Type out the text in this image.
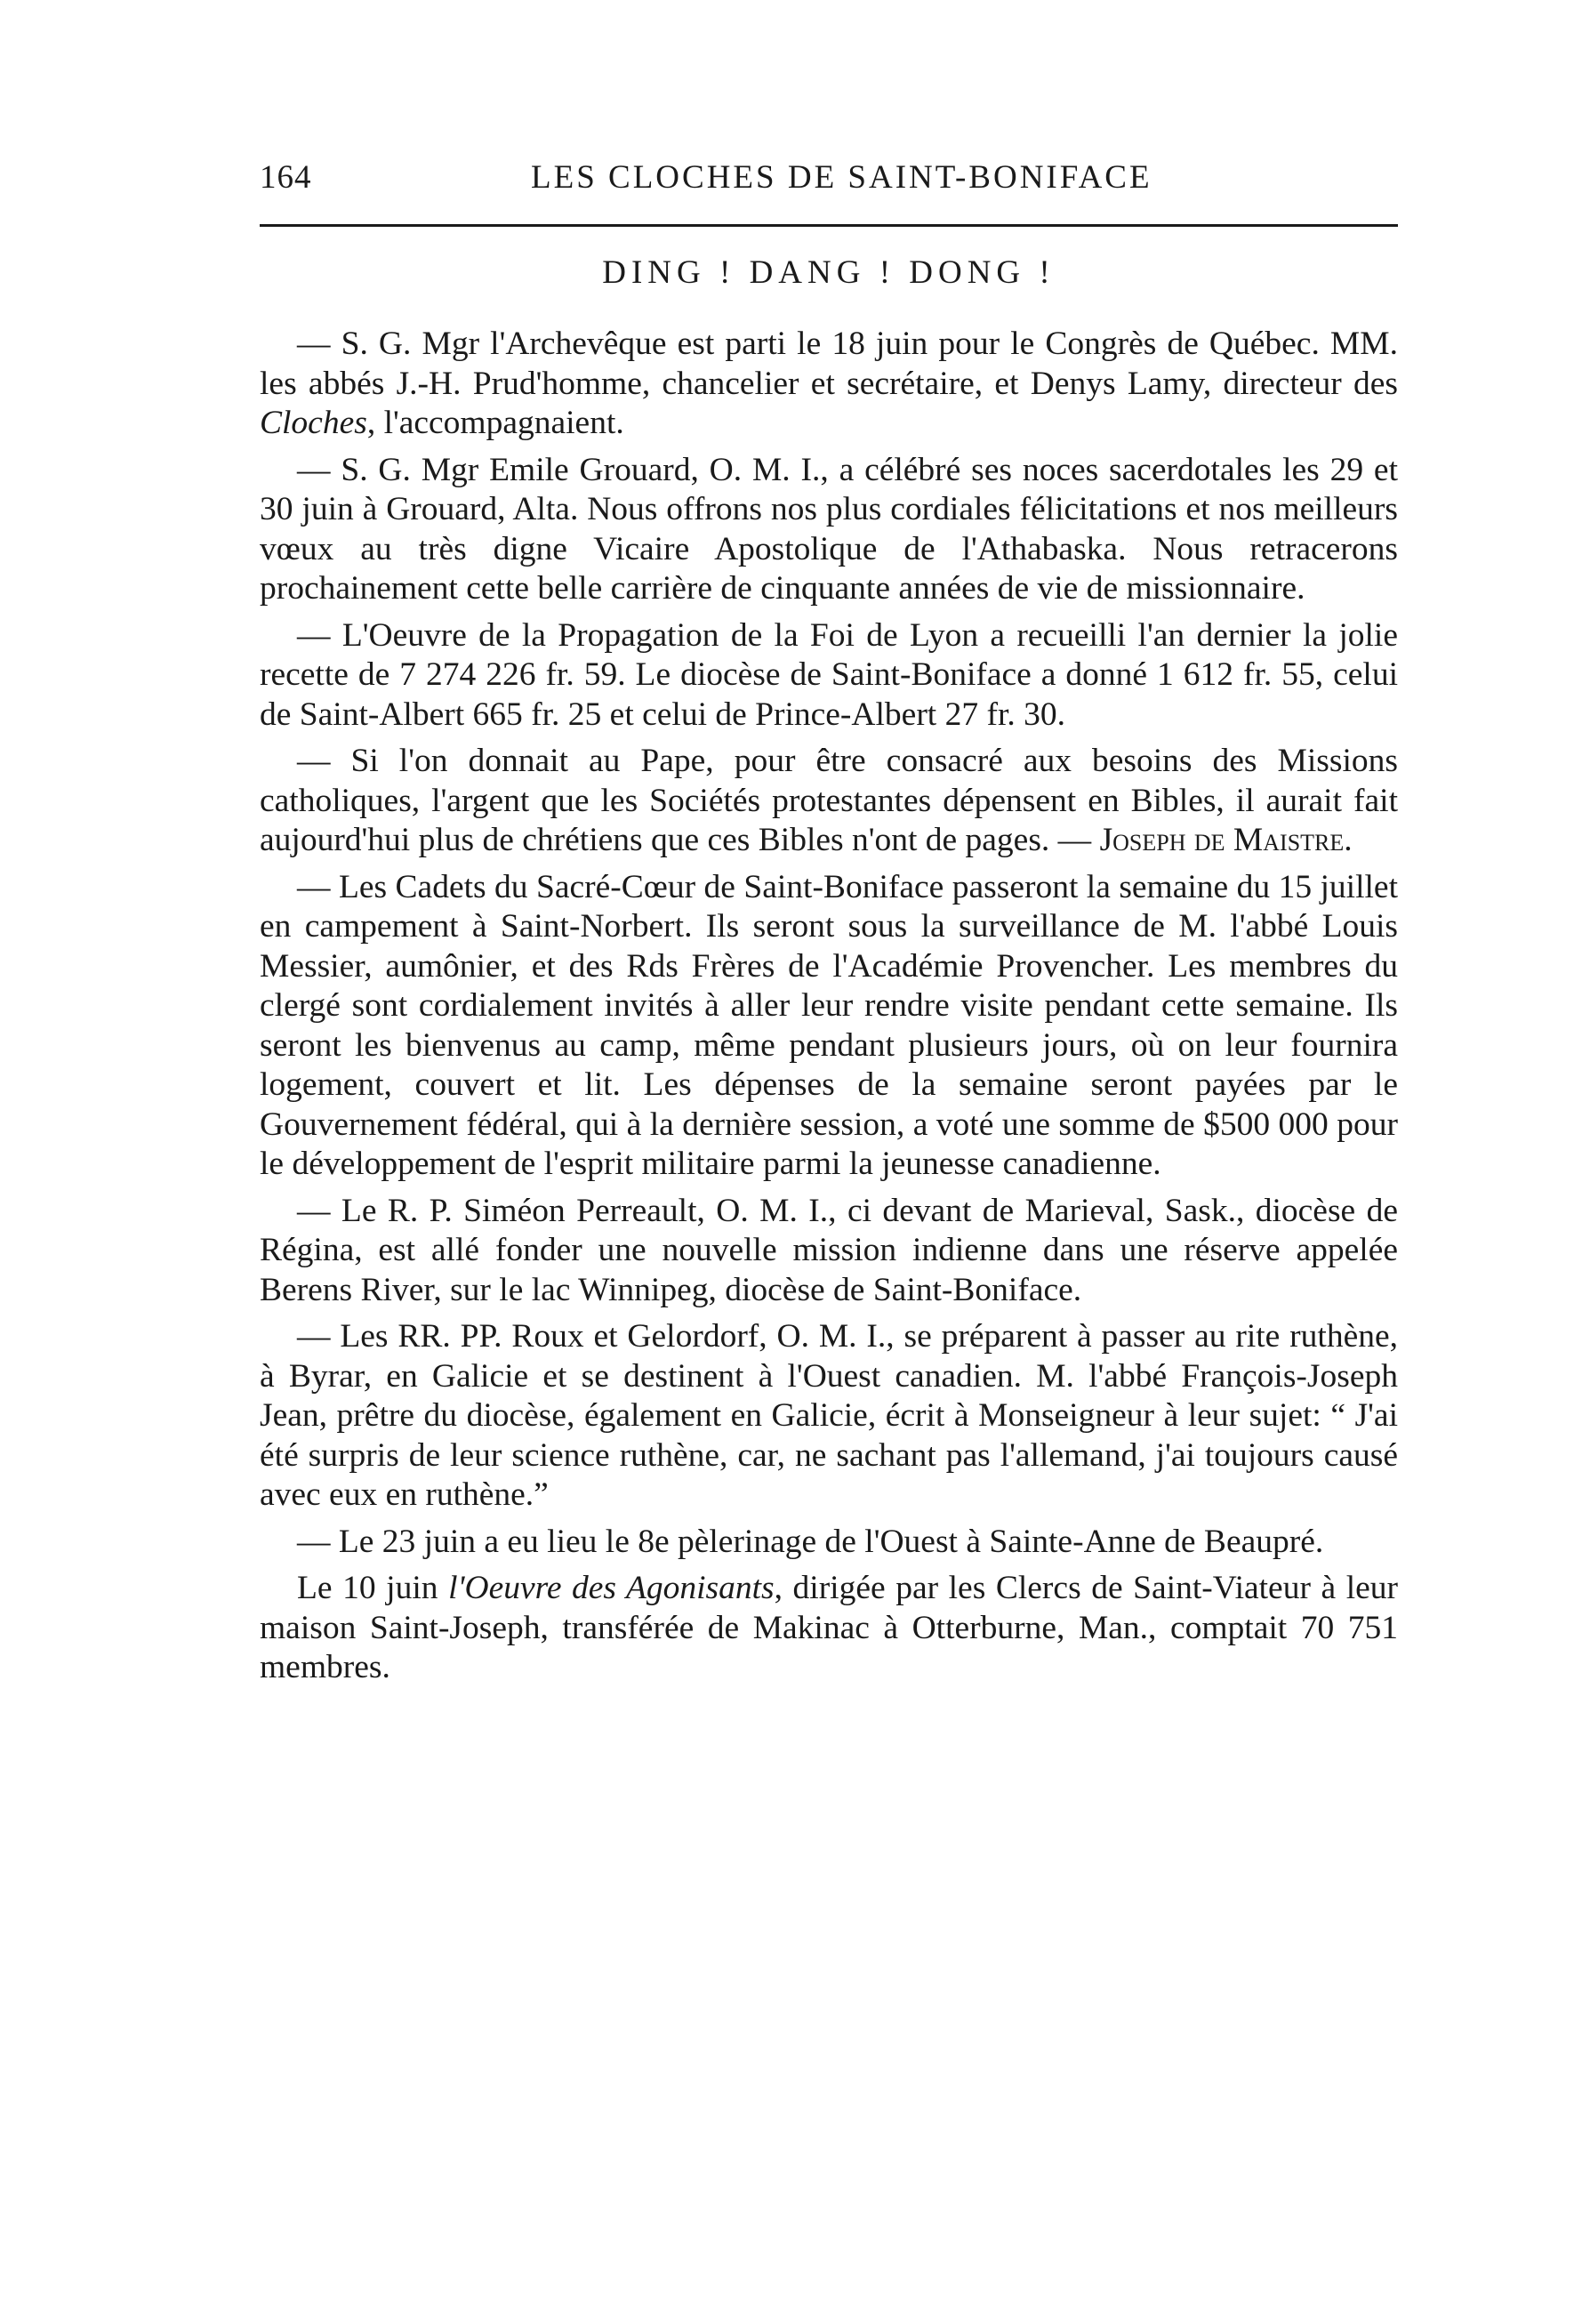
164	LES CLOCHES DE SAINT-BONIFACE
DING ! DANG ! DONG !

— S. G. Mgr l'Archevêque est parti le 18 juin pour le Congrès de Québec. MM. les abbés J.-H. Prud'homme, chancelier et secrétaire, et Denys Lamy, directeur des Cloches, l'accompagnaient.

— S. G. Mgr Emile Grouard, O. M. I., a célébré ses noces sacerdotales les 29 et 30 juin à Grouard, Alta. Nous offrons nos plus cordiales félicitations et nos meilleurs vœux au très digne Vicaire Apostolique de l'Athabaska. Nous retracerons prochainement cette belle carrière de cinquante années de vie de missionnaire.

— L'Oeuvre de la Propagation de la Foi de Lyon a recueilli l'an dernier la jolie recette de 7 274 226 fr. 59. Le diocèse de Saint-Boniface a donné 1 612 fr. 55, celui de Saint-Albert 665 fr. 25 et celui de Prince-Albert 27 fr. 30.

— Si l'on donnait au Pape, pour être consacré aux besoins des Missions catholiques, l'argent que les Sociétés protestantes dépensent en Bibles, il aurait fait aujourd'hui plus de chrétiens que ces Bibles n'ont de pages. — Joseph de Maistre.

— Les Cadets du Sacré-Cœur de Saint-Boniface passeront la semaine du 15 juillet en campement à Saint-Norbert. Ils seront sous la surveillance de M. l'abbé Louis Messier, aumônier, et des Rds Frères de l'Académie Provencher. Les membres du clergé sont cordialement invités à aller leur rendre visite pendant cette semaine. Ils seront les bienvenus au camp, même pendant plusieurs jours, où on leur fournira logement, couvert et lit. Les dépenses de la semaine seront payées par le Gouvernement fédéral, qui à la dernière session, a voté une somme de $500 000 pour le développement de l'esprit militaire parmi la jeunesse canadienne.

— Le R. P. Siméon Perreault, O. M. I., ci devant de Marieval, Sask., diocèse de Régina, est allé fonder une nouvelle mission indienne dans une réserve appelée Berens River, sur le lac Winnipeg, diocèse de Saint-Boniface.

— Les RR. PP. Roux et Gelordorf, O. M. I., se préparent à passer au rite ruthène, à Byrar, en Galicie et se destinent à l'Ouest canadien. M. l'abbé François-Joseph Jean, prêtre du diocèse, également en Galicie, écrit à Monseigneur à leur sujet: “ J'ai été surpris de leur science ruthène, car, ne sachant pas l'allemand, j'ai toujours causé avec eux en ruthène.”

— Le 23 juin a eu lieu le 8e pèlerinage de l'Ouest à Sainte-Anne de Beaupré.

Le 10 juin l'Oeuvre des Agonisants, dirigée par les Clercs de Saint-Viateur à leur maison Saint-Joseph, transférée de Makinac à Otterburne, Man., comptait 70 751 membres.
